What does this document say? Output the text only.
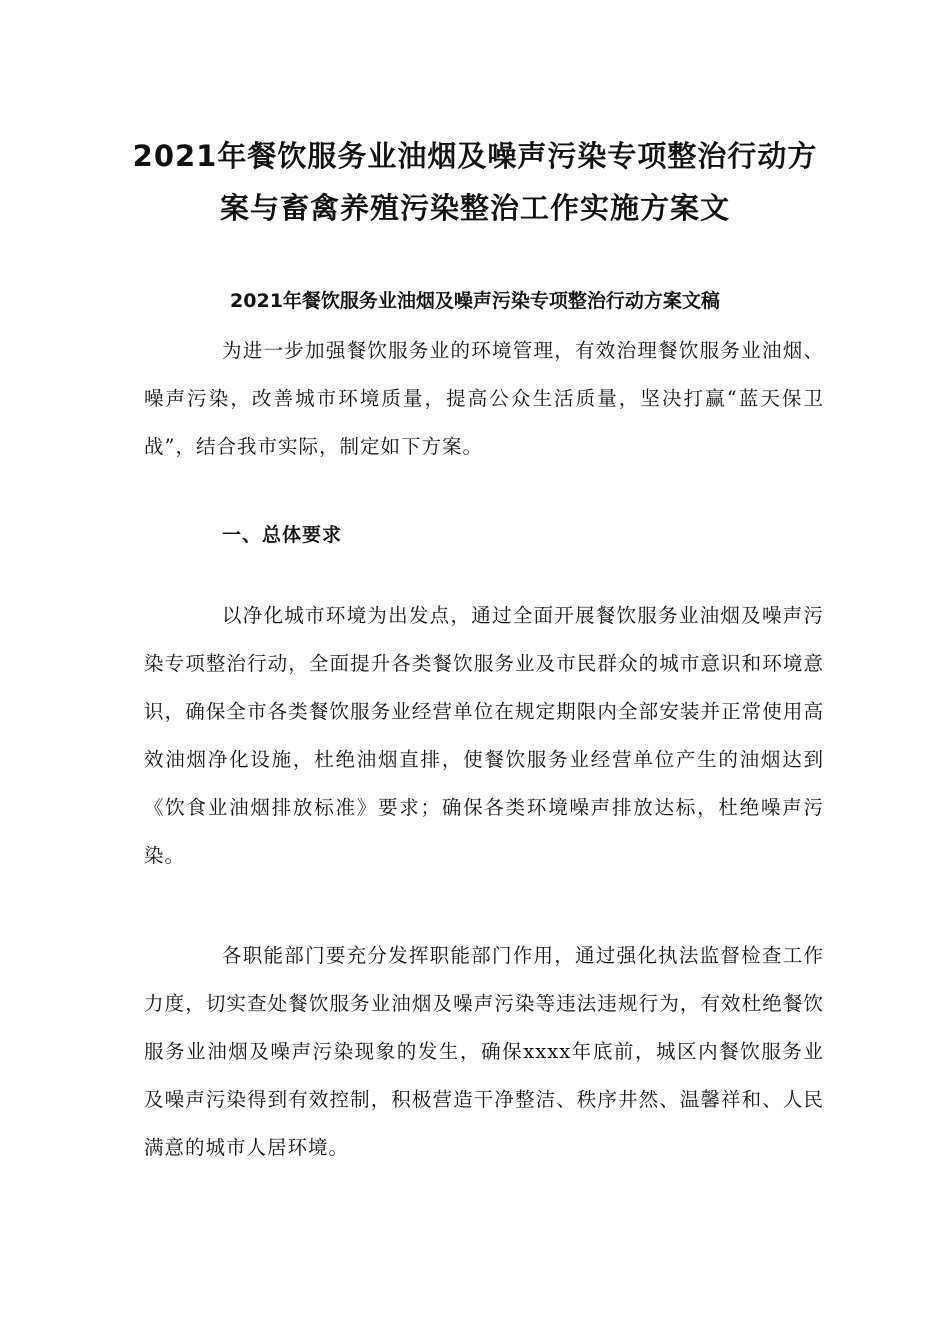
2021年餐饮服务业油烟及噪声污染专项整治行动方
案与畜禽养殖污染整治工作实施方案文
2021年餐饮服务业油烟及噪声污染专项整治行动方案文稿

为进一步加强餐饮服务业的环境管理，有效治理餐饮服务业油烟、噪声污染，改善城市环境质量，提高公众生活质量，坚决打赢“蓝天保卫战”，结合我市实际，制定如下方案。

一、总体要求

以净化城市环境为出发点，通过全面开展餐饮服务业油烟及噪声污染专项整治行动，全面提升各类餐饮服务业及市民群众的城市意识和环境意识，确保全市各类餐饮服务业经营单位在规定期限内全部安装并正常使用高效油烟净化设施，杜绝油烟直排，使餐饮服务业经营单位产生的油烟达到《饮食业油烟排放标准》要求；确保各类环境噪声排放达标，杜绝噪声污染。

各职能部门要充分发挥职能部门作用，通过强化执法监督检查工作力度，切实查处餐饮服务业油烟及噪声污染等违法违规行为，有效杜绝餐饮服务业油烟及噪声污染现象的发生，确保xxxx年底前，城区内餐饮服务业及噪声污染得到有效控制，积极营造干净整洁、秩序井然、温馨祥和、人民满意的城市人居环境。
